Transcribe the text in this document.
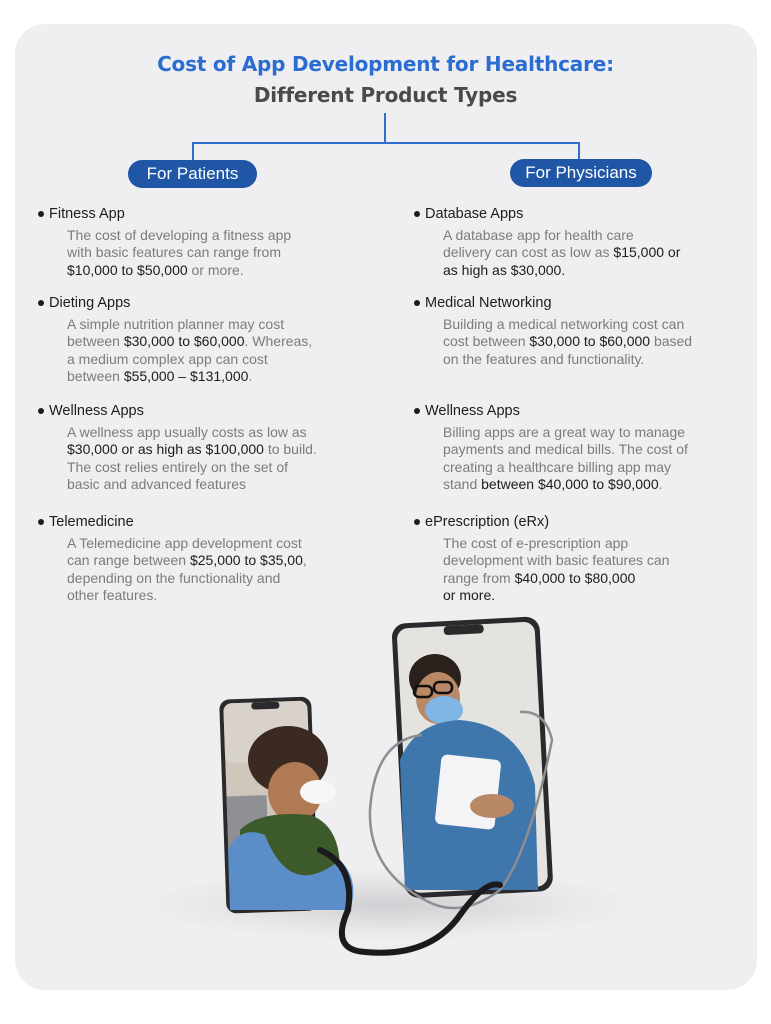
Cost of App Development for Healthcare:
Different Product Types
For Patients	For Physicians
Fitness App
The cost of developing a fitness app
with basic features can range from
$10,000 to $50,000 or more.
Dieting Apps
A simple nutrition planner may cost
between $30,000 to $60,000. Whereas,
a medium complex app can cost
between $55,000 – $131,000.
Wellness Apps
A wellness app usually costs as low as
$30,000 or as high as $100,000 to build.
The cost relies entirely on the set of
basic and advanced features
Telemedicine
A Telemedicine app development cost
can range between $25,000 to $35,00,
depending on the functionality and
other features.
Database Apps
A database app for health care
delivery can cost as low as $15,000 or
as high as $30,000.
Medical Networking
Building a medical networking cost can
cost between $30,000 to $60,000 based
on the features and functionality.
Wellness Apps
Billing apps are a great way to manage
payments and medical bills. The cost of
creating a healthcare billing app may
stand between $40,000 to $90,000.
ePrescription (eRx)
The cost of e-prescription app
development with basic features can
range from $40,000 to $80,000
or more.
